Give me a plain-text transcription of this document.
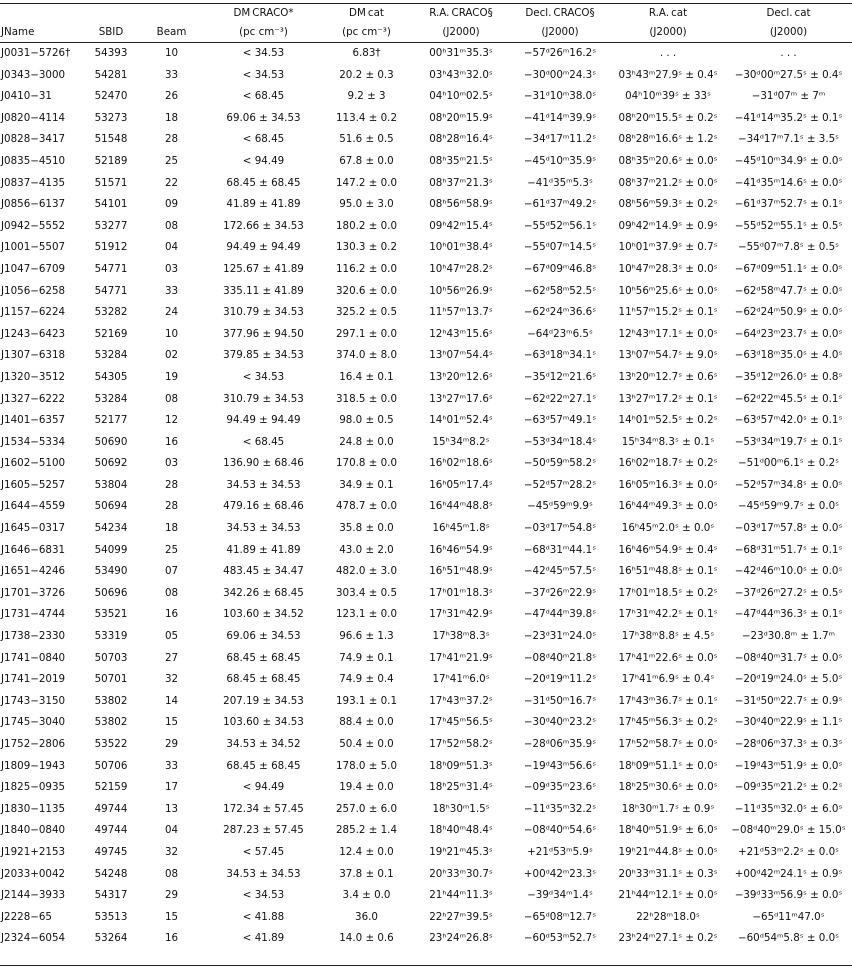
			DM CRACO*	DM cat	R.A. CRACO§	Decl. CRACO§	R.A. cat	Decl. cat
JName	SBID	Beam	(pc cm⁻³)	(pc cm⁻³)	(J2000)	(J2000)	(J2000)	(J2000)
J0031−5726†	54393	10	< 34.53	6.83†	00ʰ31ᵐ35.3ˢ	−57ᵈ26ᵐ16.2ˢ	. . .	. . .
J0343−3000	54281	33	< 34.53	20.2 ± 0.3	03ʰ43ᵐ32.0ˢ	−30ᵈ00ᵐ24.3ˢ	03ʰ43ᵐ27.9ˢ ± 0.4ˢ	−30ᵈ00ᵐ27.5ˢ ± 0.4ˢ
J0410−31	52470	26	< 68.45	9.2 ± 3	04ʰ10ᵐ02.5ˢ	−31ᵈ10ᵐ38.0ˢ	04ʰ10ᵐ39ˢ ± 33ˢ	−31ᵈ07ᵐ ± 7ᵐ
J0820−4114	53273	18	69.06 ± 34.53	113.4 ± 0.2	08ʰ20ᵐ15.9ˢ	−41ᵈ14ᵐ39.9ˢ	08ʰ20ᵐ15.5ˢ ± 0.2ˢ	−41ᵈ14ᵐ35.2ˢ ± 0.1ˢ
J0828−3417	51548	28	< 68.45	51.6 ± 0.5	08ʰ28ᵐ16.4ˢ	−34ᵈ17ᵐ11.2ˢ	08ʰ28ᵐ16.6ˢ ± 1.2ˢ	−34ᵈ17ᵐ7.1ˢ ± 3.5ˢ
J0835−4510	52189	25	< 94.49	67.8 ± 0.0	08ʰ35ᵐ21.5ˢ	−45ᵈ10ᵐ35.9ˢ	08ʰ35ᵐ20.6ˢ ± 0.0ˢ	−45ᵈ10ᵐ34.9ˢ ± 0.0ˢ
J0837−4135	51571	22	68.45 ± 68.45	147.2 ± 0.0	08ʰ37ᵐ21.3ˢ	−41ᵈ35ᵐ5.3ˢ	08ʰ37ᵐ21.2ˢ ± 0.0ˢ	−41ᵈ35ᵐ14.6ˢ ± 0.0ˢ
J0856−6137	54101	09	41.89 ± 41.89	95.0 ± 3.0	08ʰ56ᵐ58.9ˢ	−61ᵈ37ᵐ49.2ˢ	08ʰ56ᵐ59.3ˢ ± 0.2ˢ	−61ᵈ37ᵐ52.7ˢ ± 0.1ˢ
J0942−5552	53277	08	172.66 ± 34.53	180.2 ± 0.0	09ʰ42ᵐ15.4ˢ	−55ᵈ52ᵐ56.1ˢ	09ʰ42ᵐ14.9ˢ ± 0.9ˢ	−55ᵈ52ᵐ55.1ˢ ± 0.5ˢ
J1001−5507	51912	04	94.49 ± 94.49	130.3 ± 0.2	10ʰ01ᵐ38.4ˢ	−55ᵈ07ᵐ14.5ˢ	10ʰ01ᵐ37.9ˢ ± 0.7ˢ	−55ᵈ07ᵐ7.8ˢ ± 0.5ˢ
J1047−6709	54771	03	125.67 ± 41.89	116.2 ± 0.0	10ʰ47ᵐ28.2ˢ	−67ᵈ09ᵐ46.8ˢ	10ʰ47ᵐ28.3ˢ ± 0.0ˢ	−67ᵈ09ᵐ51.1ˢ ± 0.0ˢ
J1056−6258	54771	33	335.11 ± 41.89	320.6 ± 0.0	10ʰ56ᵐ26.9ˢ	−62ᵈ58ᵐ52.5ˢ	10ʰ56ᵐ25.6ˢ ± 0.0ˢ	−62ᵈ58ᵐ47.7ˢ ± 0.0ˢ
J1157−6224	53282	24	310.79 ± 34.53	325.2 ± 0.5	11ʰ57ᵐ13.7ˢ	−62ᵈ24ᵐ36.6ˢ	11ʰ57ᵐ15.2ˢ ± 0.1ˢ	−62ᵈ24ᵐ50.9ˢ ± 0.0ˢ
J1243−6423	52169	10	377.96 ± 94.50	297.1 ± 0.0	12ʰ43ᵐ15.6ˢ	−64ᵈ23ᵐ6.5ˢ	12ʰ43ᵐ17.1ˢ ± 0.0ˢ	−64ᵈ23ᵐ23.7ˢ ± 0.0ˢ
J1307−6318	53284	02	379.85 ± 34.53	374.0 ± 8.0	13ʰ07ᵐ54.4ˢ	−63ᵈ18ᵐ34.1ˢ	13ʰ07ᵐ54.7ˢ ± 9.0ˢ	−63ᵈ18ᵐ35.0ˢ ± 4.0ˢ
J1320−3512	54305	19	< 34.53	16.4 ± 0.1	13ʰ20ᵐ12.6ˢ	−35ᵈ12ᵐ21.6ˢ	13ʰ20ᵐ12.7ˢ ± 0.6ˢ	−35ᵈ12ᵐ26.0ˢ ± 0.8ˢ
J1327−6222	53284	08	310.79 ± 34.53	318.5 ± 0.0	13ʰ27ᵐ17.6ˢ	−62ᵈ22ᵐ27.1ˢ	13ʰ27ᵐ17.2ˢ ± 0.1ˢ	−62ᵈ22ᵐ45.5ˢ ± 0.1ˢ
J1401−6357	52177	12	94.49 ± 94.49	98.0 ± 0.5	14ʰ01ᵐ52.4ˢ	−63ᵈ57ᵐ49.1ˢ	14ʰ01ᵐ52.5ˢ ± 0.2ˢ	−63ᵈ57ᵐ42.0ˢ ± 0.1ˢ
J1534−5334	50690	16	< 68.45	24.8 ± 0.0	15ʰ34ᵐ8.2ˢ	−53ᵈ34ᵐ18.4ˢ	15ʰ34ᵐ8.3ˢ ± 0.1ˢ	−53ᵈ34ᵐ19.7ˢ ± 0.1ˢ
J1602−5100	50692	03	136.90 ± 68.46	170.8 ± 0.0	16ʰ02ᵐ18.6ˢ	−50ᵈ59ᵐ58.2ˢ	16ʰ02ᵐ18.7ˢ ± 0.2ˢ	−51ᵈ00ᵐ6.1ˢ ± 0.2ˢ
J1605−5257	53804	28	34.53 ± 34.53	34.9 ± 0.1	16ʰ05ᵐ17.4ˢ	−52ᵈ57ᵐ28.2ˢ	16ʰ05ᵐ16.3ˢ ± 0.0ˢ	−52ᵈ57ᵐ34.8ˢ ± 0.0ˢ
J1644−4559	50694	28	479.16 ± 68.46	478.7 ± 0.0	16ʰ44ᵐ48.8ˢ	−45ᵈ59ᵐ9.9ˢ	16ʰ44ᵐ49.3ˢ ± 0.0ˢ	−45ᵈ59ᵐ9.7ˢ ± 0.0ˢ
J1645−0317	54234	18	34.53 ± 34.53	35.8 ± 0.0	16ʰ45ᵐ1.8ˢ	−03ᵈ17ᵐ54.8ˢ	16ʰ45ᵐ2.0ˢ ± 0.0ˢ	−03ᵈ17ᵐ57.8ˢ ± 0.0ˢ
J1646−6831	54099	25	41.89 ± 41.89	43.0 ± 2.0	16ʰ46ᵐ54.9ˢ	−68ᵈ31ᵐ44.1ˢ	16ʰ46ᵐ54.9ˢ ± 0.4ˢ	−68ᵈ31ᵐ51.7ˢ ± 0.1ˢ
J1651−4246	53490	07	483.45 ± 34.47	482.0 ± 3.0	16ʰ51ᵐ48.9ˢ	−42ᵈ45ᵐ57.5ˢ	16ʰ51ᵐ48.8ˢ ± 0.1ˢ	−42ᵈ46ᵐ10.0ˢ ± 0.0ˢ
J1701−3726	50696	08	342.26 ± 68.45	303.4 ± 0.5	17ʰ01ᵐ18.3ˢ	−37ᵈ26ᵐ22.9ˢ	17ʰ01ᵐ18.5ˢ ± 0.2ˢ	−37ᵈ26ᵐ27.2ˢ ± 0.5ˢ
J1731−4744	53521	16	103.60 ± 34.52	123.1 ± 0.0	17ʰ31ᵐ42.9ˢ	−47ᵈ44ᵐ39.8ˢ	17ʰ31ᵐ42.2ˢ ± 0.1ˢ	−47ᵈ44ᵐ36.3ˢ ± 0.1ˢ
J1738−2330	53319	05	69.06 ± 34.53	96.6 ± 1.3	17ʰ38ᵐ8.3ˢ	−23ᵈ31ᵐ24.0ˢ	17ʰ38ᵐ8.8ˢ ± 4.5ˢ	−23ᵈ30.8ᵐ ± 1.7ᵐ
J1741−0840	50703	27	68.45 ± 68.45	74.9 ± 0.1	17ʰ41ᵐ21.9ˢ	−08ᵈ40ᵐ21.8ˢ	17ʰ41ᵐ22.6ˢ ± 0.0ˢ	−08ᵈ40ᵐ31.7ˢ ± 0.0ˢ
J1741−2019	50701	32	68.45 ± 68.45	74.9 ± 0.4	17ʰ41ᵐ6.0ˢ	−20ᵈ19ᵐ11.2ˢ	17ʰ41ᵐ6.9ˢ ± 0.4ˢ	−20ᵈ19ᵐ24.0ˢ ± 5.0ˢ
J1743−3150	53802	14	207.19 ± 34.53	193.1 ± 0.1	17ʰ43ᵐ37.2ˢ	−31ᵈ50ᵐ16.7ˢ	17ʰ43ᵐ36.7ˢ ± 0.1ˢ	−31ᵈ50ᵐ22.7ˢ ± 0.9ˢ
J1745−3040	53802	15	103.60 ± 34.53	88.4 ± 0.0	17ʰ45ᵐ56.5ˢ	−30ᵈ40ᵐ23.2ˢ	17ʰ45ᵐ56.3ˢ ± 0.2ˢ	−30ᵈ40ᵐ22.9ˢ ± 1.1ˢ
J1752−2806	53522	29	34.53 ± 34.52	50.4 ± 0.0	17ʰ52ᵐ58.2ˢ	−28ᵈ06ᵐ35.9ˢ	17ʰ52ᵐ58.7ˢ ± 0.0ˢ	−28ᵈ06ᵐ37.3ˢ ± 0.3ˢ
J1809−1943	50706	33	68.45 ± 68.45	178.0 ± 5.0	18ʰ09ᵐ51.3ˢ	−19ᵈ43ᵐ56.6ˢ	18ʰ09ᵐ51.1ˢ ± 0.0ˢ	−19ᵈ43ᵐ51.9ˢ ± 0.0ˢ
J1825−0935	52159	17	< 94.49	19.4 ± 0.0	18ʰ25ᵐ31.4ˢ	−09ᵈ35ᵐ23.6ˢ	18ʰ25ᵐ30.6ˢ ± 0.0ˢ	−09ᵈ35ᵐ21.2ˢ ± 0.2ˢ
J1830−1135	49744	13	172.34 ± 57.45	257.0 ± 6.0	18ʰ30ᵐ1.5ˢ	−11ᵈ35ᵐ32.2ˢ	18ʰ30ᵐ1.7ˢ ± 0.9ˢ	−11ᵈ35ᵐ32.0ˢ ± 6.0ˢ
J1840−0840	49744	04	287.23 ± 57.45	285.2 ± 1.4	18ʰ40ᵐ48.4ˢ	−08ᵈ40ᵐ54.6ˢ	18ʰ40ᵐ51.9ˢ ± 6.0ˢ	−08ᵈ40ᵐ29.0ˢ ± 15.0ˢ
J1921+2153	49745	32	< 57.45	12.4 ± 0.0	19ʰ21ᵐ45.3ˢ	+21ᵈ53ᵐ5.9ˢ	19ʰ21ᵐ44.8ˢ ± 0.0ˢ	+21ᵈ53ᵐ2.2ˢ ± 0.0ˢ
J2033+0042	54248	08	34.53 ± 34.53	37.8 ± 0.1	20ʰ33ᵐ30.7ˢ	+00ᵈ42ᵐ23.3ˢ	20ʰ33ᵐ31.1ˢ ± 0.3ˢ	+00ᵈ42ᵐ24.1ˢ ± 0.9ˢ
J2144−3933	54317	29	< 34.53	3.4 ± 0.0	21ʰ44ᵐ11.3ˢ	−39ᵈ34ᵐ1.4ˢ	21ʰ44ᵐ12.1ˢ ± 0.0ˢ	−39ᵈ33ᵐ56.9ˢ ± 0.0ˢ
J2228−65	53513	15	< 41.88	36.0	22ʰ27ᵐ39.5ˢ	−65ᵈ08ᵐ12.7ˢ	22ʰ28ᵐ18.0ˢ	−65ᵈ11ᵐ47.0ˢ
J2324−6054	53264	16	< 41.89	14.0 ± 0.6	23ʰ24ᵐ26.8ˢ	−60ᵈ53ᵐ52.7ˢ	23ʰ24ᵐ27.1ˢ ± 0.2ˢ	−60ᵈ54ᵐ5.8ˢ ± 0.0ˢ
